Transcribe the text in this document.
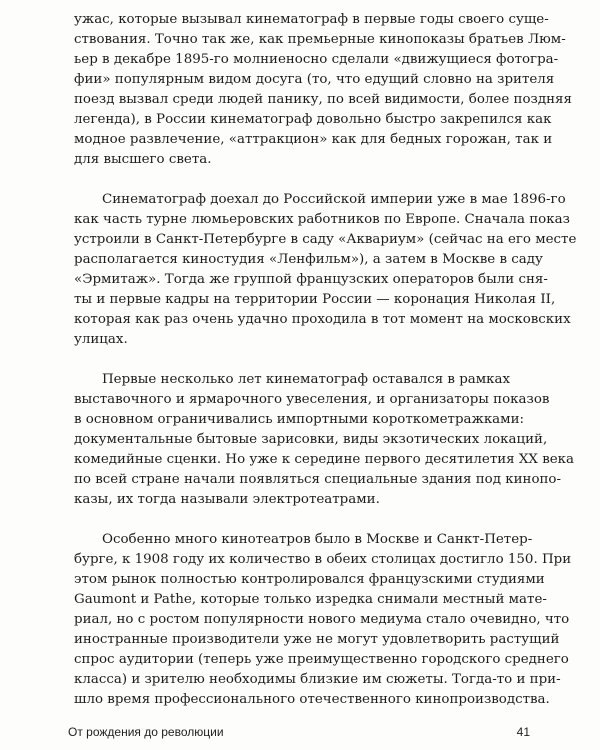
ужас, которые вызывал кинематограф в первые годы своего суще-
ствования. Точно так же, как премьерные кинопоказы братьев Люм-
ьер в декабре 1895-го молниеносно сделали «движущиеся фотогра-
фии» популярным видом досуга (то, что едущий словно на зрителя
поезд вызвал среди людей панику, по всей видимости, более поздняя
легенда), в России кинематограф довольно быстро закрепился как
модное развлечение, «аттракцион» как для бедных горожан, так и
для высшего света.

Синематограф доехал до Российской империи уже в мае 1896-го
как часть турне люмьеровских работников по Европе. Сначала показ
устроили в Санкт-Петербурге в саду «Аквариум» (сейчас на его месте
располагается киностудия «Ленфильм»), а затем в Москве в саду
«Эрмитаж». Тогда же группой французских операторов были сня-
ты и первые кадры на территории России — коронация Николая II,
которая как раз очень удачно проходила в тот момент на московских
улицах.

Первые несколько лет кинематограф оставался в рамках
выставочного и ярмарочного увеселения, и организаторы показов
в основном ограничивались импортными короткометражками:
документальные бытовые зарисовки, виды экзотических локаций,
комедийные сценки. Но уже к середине первого десятилетия XX века
по всей стране начали появляться специальные здания под кинопо-
казы, их тогда называли электротеатрами.

Особенно много кинотеатров было в Москве и Санкт-Петер-
бурге, к 1908 году их количество в обеих столицах достигло 150. При
этом рынок полностью контролировался французскими студиями
Gaumont и Pathe, которые только изредка снимали местный мате-
риал, но с ростом популярности нового медиума стало очевидно, что
иностранные производители уже не могут удовлетворить растущий
спрос аудитории (теперь уже преимущественно городского среднего
класса) и зрителю необходимы близкие им сюжеты. Тогда-то и при-
шло время профессионального отечественного кинопроизводства.

От рождения до революции	41
